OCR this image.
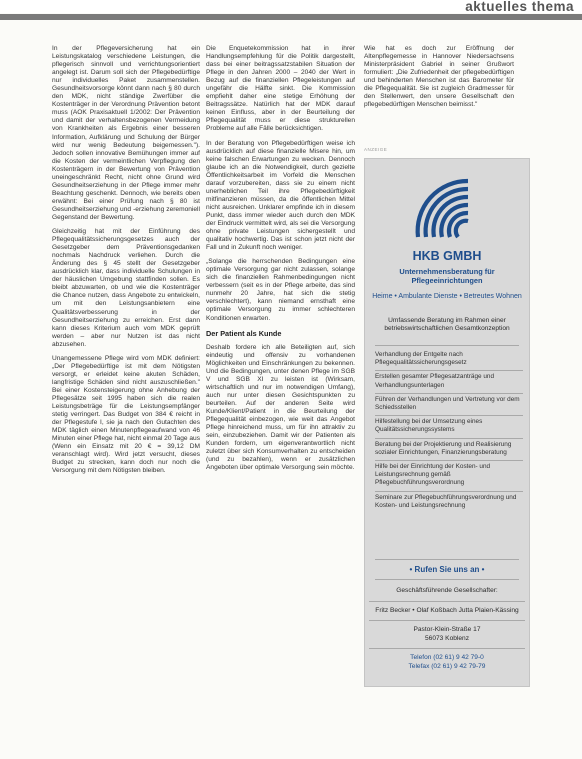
aktuelles thema

In der Pflegeversicherung hat ein Leistungskatalog verschiedene Leistungen, die pflegerisch sinnvoll und verrichtungsorientiert angelegt ist. Darum soll sich der Pflegebedürftige nur individuelles Paket zusammenstellen. Gesundheitsvorsorge könnt dann nach § 80 durch den MDK, nicht ständige Zwerfüber die Kostenträger in der Verordnung Prävention betont muss (AOK Praxisaktuell 1/2002: Der Prävention und damit der verhaltensbezogenen Vermeidung von Krankheiten als Ergebnis einer besseren Information, Aufklärung und Schulung der Bürger wird nur wenig Bedeutung beigemessen."). Jedoch sollen innovative Bemühungen immer auf die Kosten der vermeintlichen Verpflegung den Kostenträgern in der Bewertung von Prävention uneingeschränkt Recht, nicht ohne Grund wird Gesundheitserziehung in der Pflege immer mehr Beachtung geschenkt. Dennoch, wie bereits oben erwähnt: Bei einer Prüfung nach § 80 ist Gesundheitserziehung und -erziehung zeremoniell Gegenstand der Bewertung.

Gleichzeitig hat mit der Einführung des Pflegequalitätssicherungsgesetzes auch der Gesetzgeber dem Präventionsgedanken nochmals Nachdruck verliehen. Durch die Änderung des § 45 stellt der Gesetzgeber ausdrücklich klar, dass individuelle Schulungen in der häuslichen Umgebung stattfinden sollen. Es bleibt abzuwarten, ob und wie die Kostenträger die Chance nutzen, dass Angebote zu entwickeln, um mit den Leistungsanbietern eine Qualitätsverbesserung in der Gesundheitserziehung zu erreichen. Erst dann kann dieses Kriterium auch vom MDK geprüft werden – aber nur Nutzen ist das nicht abzusehen.

Unangemessene Pflege wird vom MDK definiert: „Der Pflegebedürftige ist mit dem Nötigsten versorgt, er erleidet keine akuten Schäden, langfristige Schäden sind nicht auszuschließen." Bei einer Kostensteigerung ohne Anhebung der Pflegesätze seit 1995 haben sich die realen Leistungsbeträge für die Leistungsempfänger stetig verringert. Das Budget von 384 € reicht in der Pflegestufe I, sie ja nach den Gutachten des MDK täglich einen Minutenpflegeaufwand von 46 Minuten einer Pflege hat, nicht einmal 20 Tage aus (Wenn ein Einsatz mit 20 € = 39,12 DM veranschlagt wird). Wird jetzt versucht, dieses Budget zu strecken, kann doch nur noch die Versorgung mit dem Nötigsten bleiben.

Die Enquetekommission hat in ihrer Handlungsempfehlung für die Politik dargestellt, dass bei einer beitragssatzstabilen Situation der Pflege in den Jahren 2000 – 2040 der Wert in Bezug auf die finanziellen Pflegeleistungen auf ungefähr die Hälfte sinkt. Die Kommission empfiehlt daher eine stetige Erhöhung der Beitragssätze. Natürlich hat der MDK darauf keinen Einfluss, aber in der Beurteilung der Pflegequalität muss er diese strukturellen Probleme auf alle Fälle berücksichtigen.

In der Beratung von Pflegebedürftigen weise ich ausdrücklich auf diese finanzielle Misere hin, um keine falschen Erwartungen zu wecken. Dennoch glaube ich an die Notwendigkeit, durch gezielte Öffentlichkeitsarbeit im Vorfeld die Menschen darauf vorzubereiten, dass sie zu einem nicht unerheblichen Teil ihre Pflegebedürftigkeit mitfinanzieren müssen, da die öffentlichen Mittel nicht ausreichen. Unklarer empfinde ich in diesem Punkt, dass immer wieder auch durch den MDK der Eindruck vermittelt wird, als sei die Versorgung ohne private Leistungen sichergestellt und qualitativ hochwertig. Das ist schon jetzt nicht der Fall und in Zukunft noch weniger.

„Solange die herrschenden Bedingungen eine optimale Versorgung gar nicht zulassen, solange sich die finanziellen Rahmenbedingungen nicht verbessern (seit es in der Pflege arbeite, das sind nunmehr 20 Jahre, hat sich die stetig verschlechtert), kann niemand ernsthaft eine optimale Versorgung zu immer schlechteren Konditionen erwarten.

Der Patient als Kunde

Deshalb fordere ich alle Beteiligten auf, sich eindeutig und offensiv zu vorhandenen Möglichkeiten und Einschränkungen zu bekennen. Und die Bedingungen, unter denen Pflege im SGB V und SGB XI zu leisten ist (Wirksam, wirtschaftlich und nur im notwendigen Umfang), auch nur unter diesen Gesichtspunkten zu beurteilen. Auf der anderen Seite wird Kunde/Klient/Patient in die Beurteilung der Pflegequalität einbezogen, wie weit das Angebot Pflege hinreichend muss, um für ihn attraktiv zu sein, einzubeziehen. Damit wir der Patienten als Kunden fordern, um eigenverantwortlich nicht zuletzt über sich Konsumverhalten zu entscheiden (und zu bezahlen), wenn er zusätzlichen Angeboten über optimale Versorgung sein möchte.

Wie hat es doch zur Eröffnung der Altenpflegemesse in Hannover Niedersachsens Ministerpräsident Gabriel in seiner Grußwort formuliert: „Die Zufriedenheit der pflegebedürftigen und behinderten Menschen ist das Barometer für die Pflegequalität. Sie ist zugleich Gradmesser für den Stellenwert, den unsere Gesellschaft den pflegebedürftigen Menschen beimisst."

ANZEIGE
HKB GMBH
Unternehmensberatung für Pflegeeinrichtungen
Heime • Ambulante Dienste • Betreutes Wohnen
Umfassende Beratung im Rahmen einer betriebswirtschaftlichen Gesamtkonzeption
Verhandlung der Entgelte nach Pflegequalitätssicherungsgesetz
Erstellen gesamter Pflegesatzanträge und Verhandlungsunterlagen
Führen der Verhandlungen und Vertretung vor dem Schiedsstellen
Hilfestellung bei der Umsetzung eines Qualitätssicherungssystems
Beratung bei der Projektierung und Realisierung sozialer Einrichtungen, Finanzierungsberatung
Hilfe bei der Einrichtung der Kosten- und Leistungsrechnung gemäß Pflegebuchführungsverordnung
Seminare zur Pflegebuchführungsverordnung und Kosten- und Leistungsrechnung
• Rufen Sie uns an •
Geschäftsführende Gesellschafter:
Fritz Becker • Olaf Koßbach Jutta Plaien-Kässing
Pastor-Klein-Straße 17
56073 Koblenz
Telefon (02 61) 9 42 79-0
Telefax (02 61) 9 42 79-79
